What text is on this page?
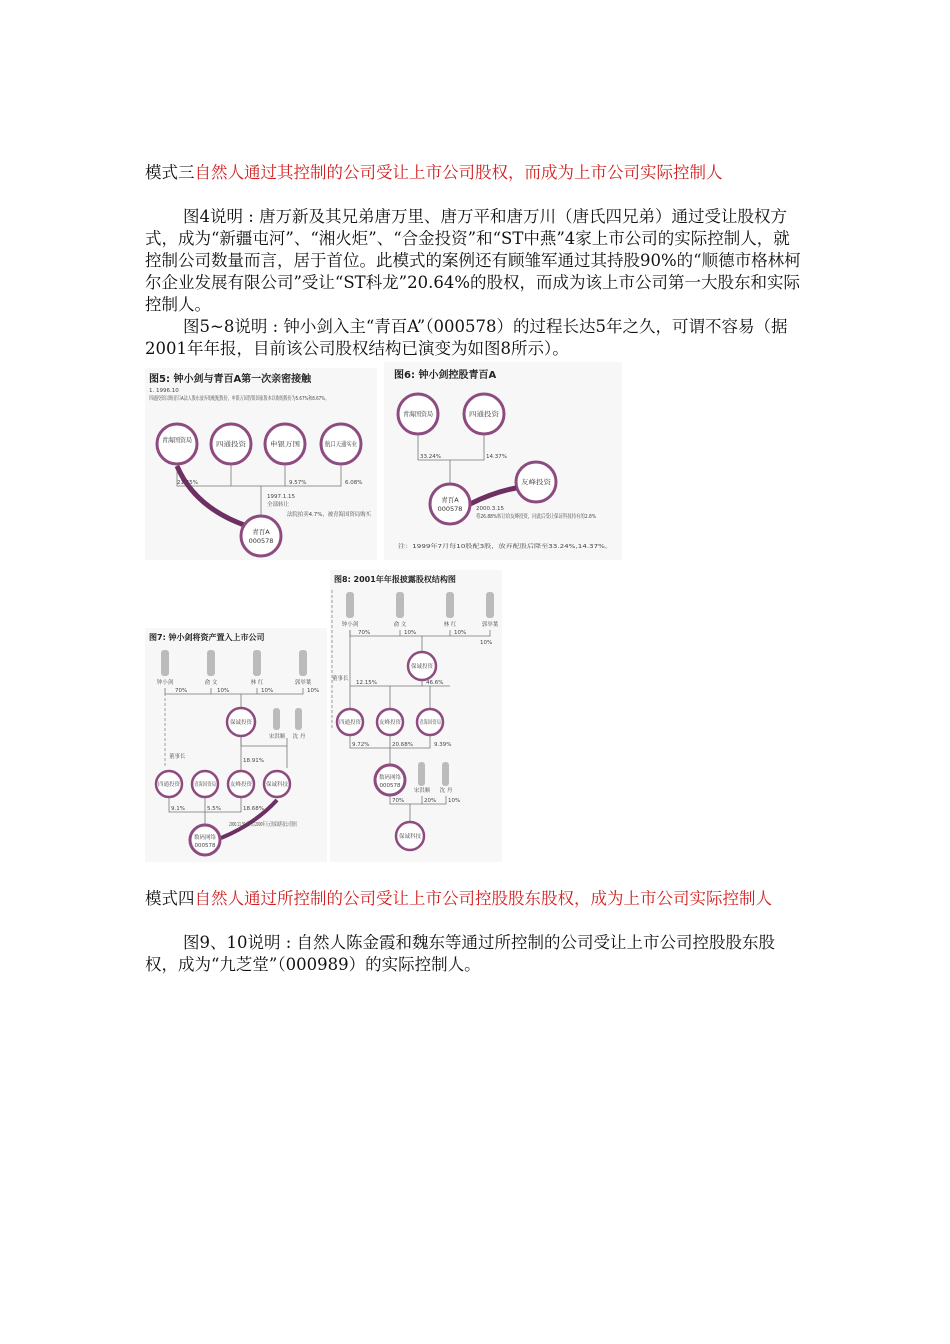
模式三自然人通过其控制的公司受让上市公司股权，而成为上市公司实际控制人

图4说明 : 唐万新及其兄弟唐万里、唐万平和唐万川（唐氏四兄弟）通过受让股权方式，成为“新疆屯河”、“湘火炬”、“合金投资”和“ST中燕”4家上市公司的实际控制人，就控制公司数量而言，居于首位。此模式的案例还有顾雏军通过其持股90%的“顺德市格林柯尔企业发展有限公司”受让“ST科龙”20.64%的股权，而成为该上市公司第一大股东和实际控制人。

图5~8说明 : 钟小剑入主“青百A”（000578）的过程长达5年之久，可谓不容易（据2001年年报，目前该公司股权结构已演变为如图8所示）。

图5: 钟小剑与青百A第一次亲密接触
1. 1996.10
四通投资以购青百A法人股东放弃的配配股份，申银万国智银国家股本以购的股份为5.67%和8.67%。
青海国资局	四通投资	申银万国	航口天通实业
21.45%	9.57%	6.08%
1997.1.15
全部转让
法院拍卖4.7%，被青海国资局购买
青百A
000578
图6: 钟小剑控股青百A
青海国资局	四通投资
33.24%	14.37%
友峰投资
青百A
000578 2000.3.15
将26.88%转让给友峰投资，同此后受让保证科技持有的2.8%
注：1999年7月每10股配3股，放弃配股后降至33.24%,14.37%。
图7: 钟小剑将资产置入上市公司
钟小剑	俞 文	林 红	郭举葉
70%	10%	10%	10%
董事长
保诚投资
宋洪顺 沈 丹
四通投资	青海国资局 友峰投资	保诚科技
9.1%	5.5%	18.68%
18.91%
2000.11.30 置入以2000年万元的保诚科技公司股权
数码网络
000578
图8: 2001年年报披露股权结构图
钟小剑	俞 文	林 红	郭举葉
70%	10%	10%
10%
董事长
保诚投资
12.15%	46.6%
四通投资	友峰投资	青海国资局
9.72%	20.68%	9.39%
数码网络
000578
宋洪顺 沈 丹
70%	20% 10%
保诚科技

模式四自然人通过所控制的公司受让上市公司控股股东股权，成为上市公司实际控制人

图9、10说明 : 自然人陈金霞和魏东等通过所控制的公司受让上市公司控股股东股权，成为“九芝堂”（000989）的实际控制人。
